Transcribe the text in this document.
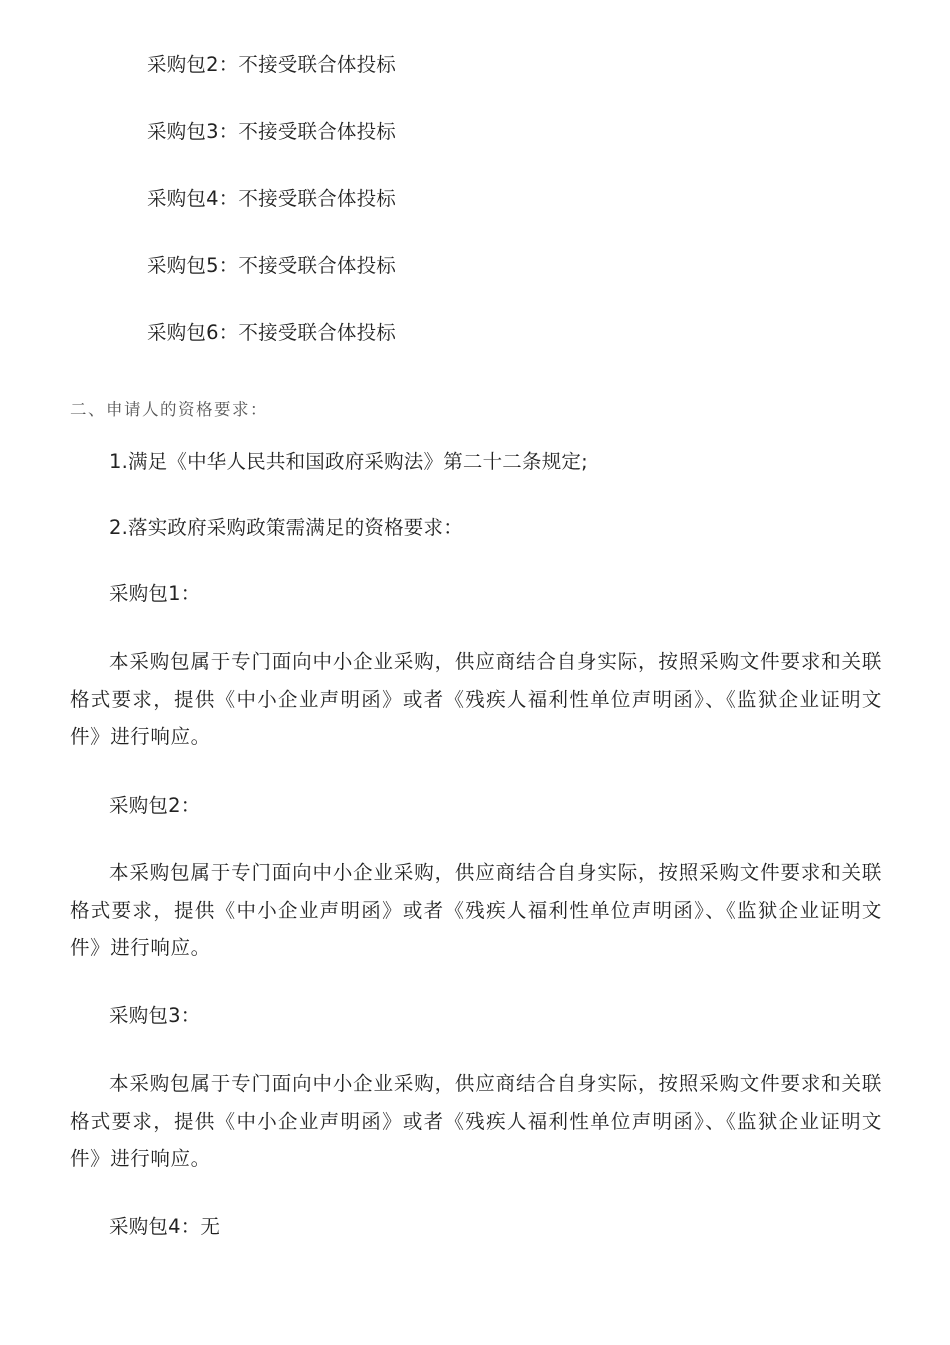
采购包2：不接受联合体投标
采购包3：不接受联合体投标
采购包4：不接受联合体投标
采购包5：不接受联合体投标
采购包6：不接受联合体投标
二、申请人的资格要求：
1.满足《中华人民共和国政府采购法》第二十二条规定;
2.落实政府采购政策需满足的资格要求：
采购包1：
本采购包属于专门面向中小企业采购，供应商结合自身实际，按照采购文件要求和关联格式要求，提供《中小企业声明函》或者《残疾人福利性单位声明函》、《监狱企业证明文件》进行响应。
采购包2：
本采购包属于专门面向中小企业采购，供应商结合自身实际，按照采购文件要求和关联格式要求，提供《中小企业声明函》或者《残疾人福利性单位声明函》、《监狱企业证明文件》进行响应。
采购包3：
本采购包属于专门面向中小企业采购，供应商结合自身实际，按照采购文件要求和关联格式要求，提供《中小企业声明函》或者《残疾人福利性单位声明函》、《监狱企业证明文件》进行响应。
采购包4：无
